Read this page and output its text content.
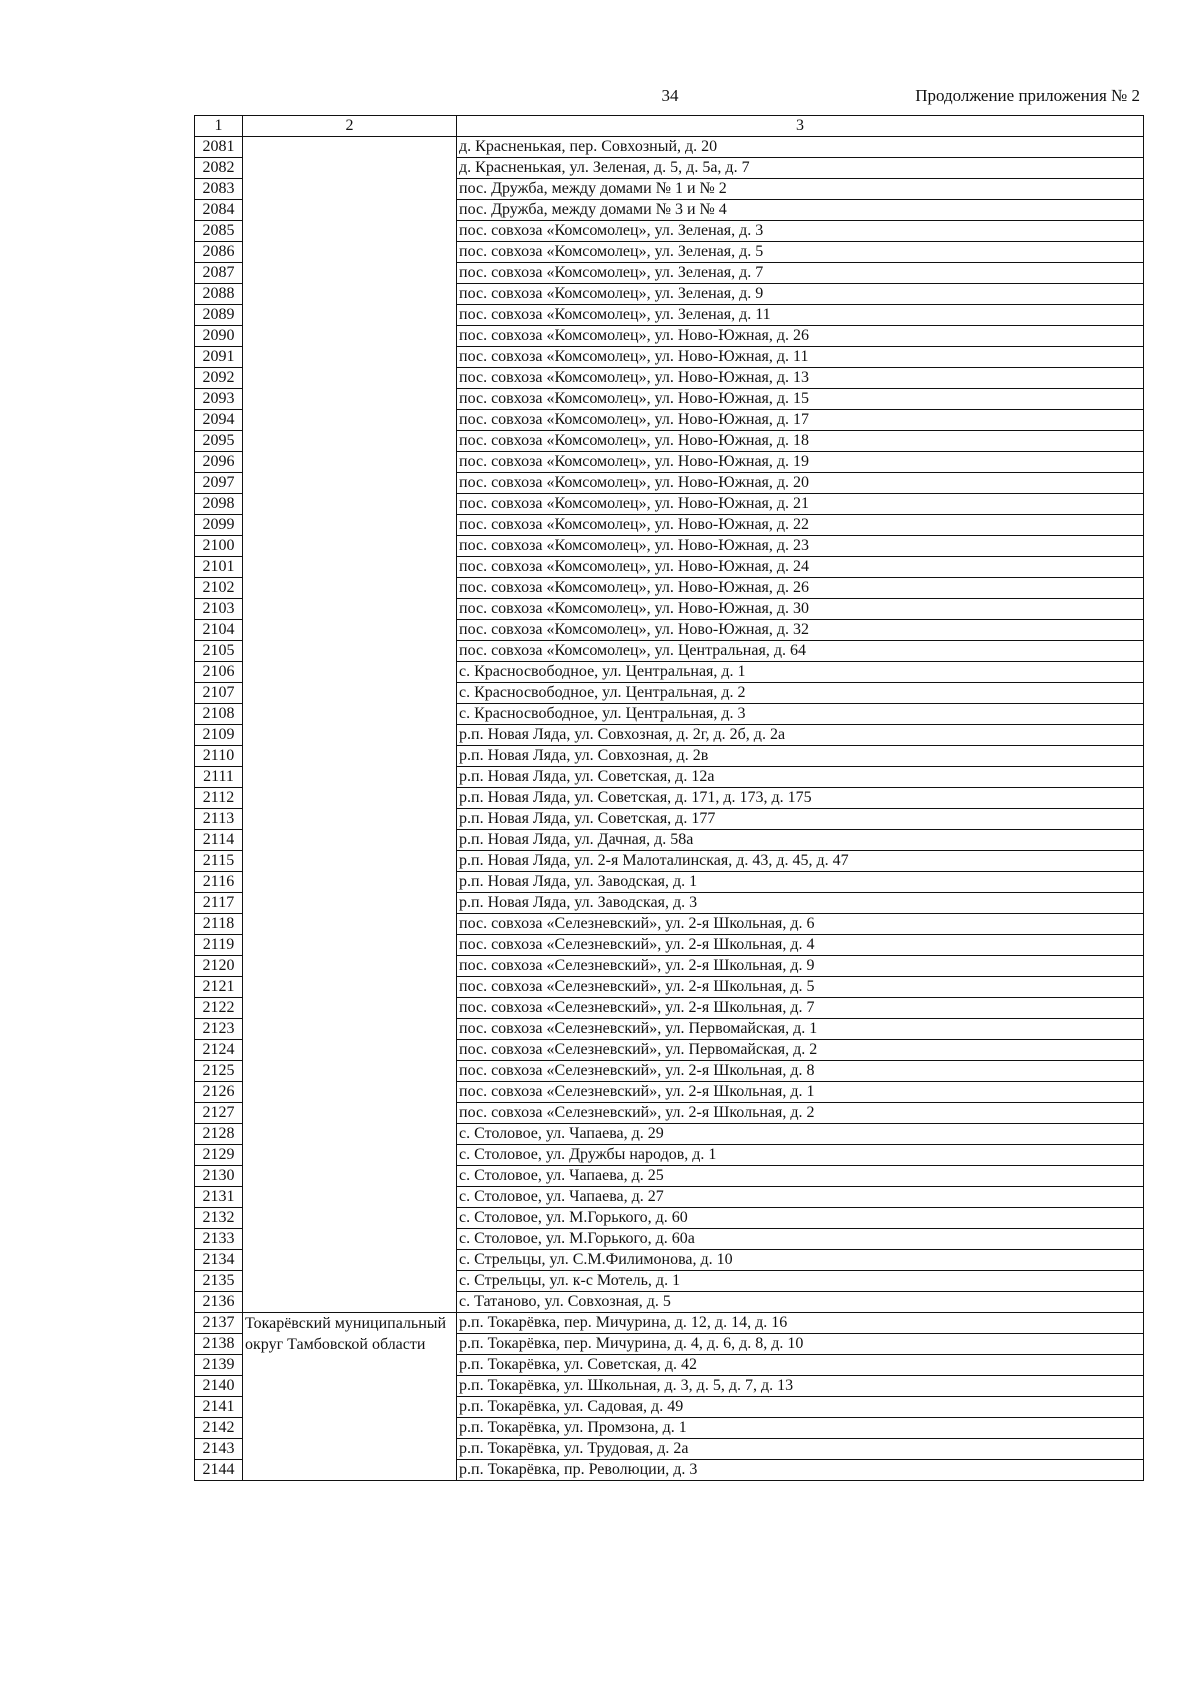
34	Продолжение приложения № 2
1	2	3
2081		д. Красненькая, пер. Совхозный, д. 20
2082		д. Красненькая, ул. Зеленая, д. 5, д. 5а, д. 7
2083		пос. Дружба, между домами № 1 и № 2
2084		пос. Дружба, между домами № 3 и № 4
2085		пос. совхоза «Комсомолец», ул. Зеленая, д. 3
2086		пос. совхоза «Комсомолец», ул. Зеленая, д. 5
2087		пос. совхоза «Комсомолец», ул. Зеленая, д. 7
2088		пос. совхоза «Комсомолец», ул. Зеленая, д. 9
2089		пос. совхоза «Комсомолец», ул. Зеленая, д. 11
2090		пос. совхоза «Комсомолец», ул. Ново-Южная, д. 26
2091		пос. совхоза «Комсомолец», ул. Ново-Южная, д. 11
2092		пос. совхоза «Комсомолец», ул. Ново-Южная, д. 13
2093		пос. совхоза «Комсомолец», ул. Ново-Южная, д. 15
2094		пос. совхоза «Комсомолец», ул. Ново-Южная, д. 17
2095		пос. совхоза «Комсомолец», ул. Ново-Южная, д. 18
2096		пос. совхоза «Комсомолец», ул. Ново-Южная, д. 19
2097		пос. совхоза «Комсомолец», ул. Ново-Южная, д. 20
2098		пос. совхоза «Комсомолец», ул. Ново-Южная, д. 21
2099		пос. совхоза «Комсомолец», ул. Ново-Южная, д. 22
2100		пос. совхоза «Комсомолец», ул. Ново-Южная, д. 23
2101		пос. совхоза «Комсомолец», ул. Ново-Южная, д. 24
2102		пос. совхоза «Комсомолец», ул. Ново-Южная, д. 26
2103		пос. совхоза «Комсомолец», ул. Ново-Южная, д. 30
2104		пос. совхоза «Комсомолец», ул. Ново-Южная, д. 32
2105		пос. совхоза «Комсомолец», ул. Центральная, д. 64
2106		с. Красносвободное, ул. Центральная, д. 1
2107		с. Красносвободное, ул. Центральная, д. 2
2108		с. Красносвободное, ул. Центральная, д. 3
2109		р.п. Новая Ляда, ул. Совхозная, д. 2г, д. 2б, д. 2а
2110		р.п. Новая Ляда, ул. Совхозная, д. 2в
2111		р.п. Новая Ляда, ул. Советская, д. 12а
2112		р.п. Новая Ляда, ул. Советская, д. 171, д. 173, д. 175
2113		р.п. Новая Ляда, ул. Советская, д. 177
2114		р.п. Новая Ляда, ул. Дачная, д. 58а
2115		р.п. Новая Ляда, ул. 2-я Малоталинская, д. 43, д. 45, д. 47
2116		р.п. Новая Ляда, ул. Заводская, д. 1
2117		р.п. Новая Ляда, ул. Заводская, д. 3
2118		пос. совхоза «Селезневский», ул. 2-я Школьная, д. 6
2119		пос. совхоза «Селезневский», ул. 2-я Школьная, д. 4
2120		пос. совхоза «Селезневский», ул. 2-я Школьная, д. 9
2121		пос. совхоза «Селезневский», ул. 2-я Школьная, д. 5
2122		пос. совхоза «Селезневский», ул. 2-я Школьная, д. 7
2123		пос. совхоза «Селезневский», ул. Первомайская, д. 1
2124		пос. совхоза «Селезневский», ул. Первомайская, д. 2
2125		пос. совхоза «Селезневский», ул. 2-я Школьная, д. 8
2126		пос. совхоза «Селезневский», ул. 2-я Школьная, д. 1
2127		пос. совхоза «Селезневский», ул. 2-я Школьная, д. 2
2128		с. Столовое, ул. Чапаева, д. 29
2129		с. Столовое, ул. Дружбы народов, д. 1
2130		с. Столовое, ул. Чапаева, д. 25
2131		с. Столовое, ул. Чапаева, д. 27
2132		с. Столовое, ул. М.Горького, д. 60
2133		с. Столовое, ул. М.Горького, д. 60а
2134		с. Стрельцы, ул. С.М.Филимонова, д. 10
2135		с. Стрельцы, ул. к-с Мотель, д. 1
2136		с. Татаново, ул. Совхозная, д. 5
2137	Токарёвский муниципальный округ Тамбовской области	р.п. Токарёвка, пер. Мичурина, д. 12, д. 14, д. 16
2138		р.п. Токарёвка, пер. Мичурина, д. 4, д. 6, д. 8, д. 10
2139		р.п. Токарёвка, ул. Советская, д. 42
2140		р.п. Токарёвка, ул. Школьная, д. 3, д. 5, д. 7, д. 13
2141		р.п. Токарёвка, ул. Садовая, д. 49
2142		р.п. Токарёвка, ул. Промзона, д. 1
2143		р.п. Токарёвка, ул. Трудовая, д. 2а
2144		р.п. Токарёвка, пр. Революции, д. 3
